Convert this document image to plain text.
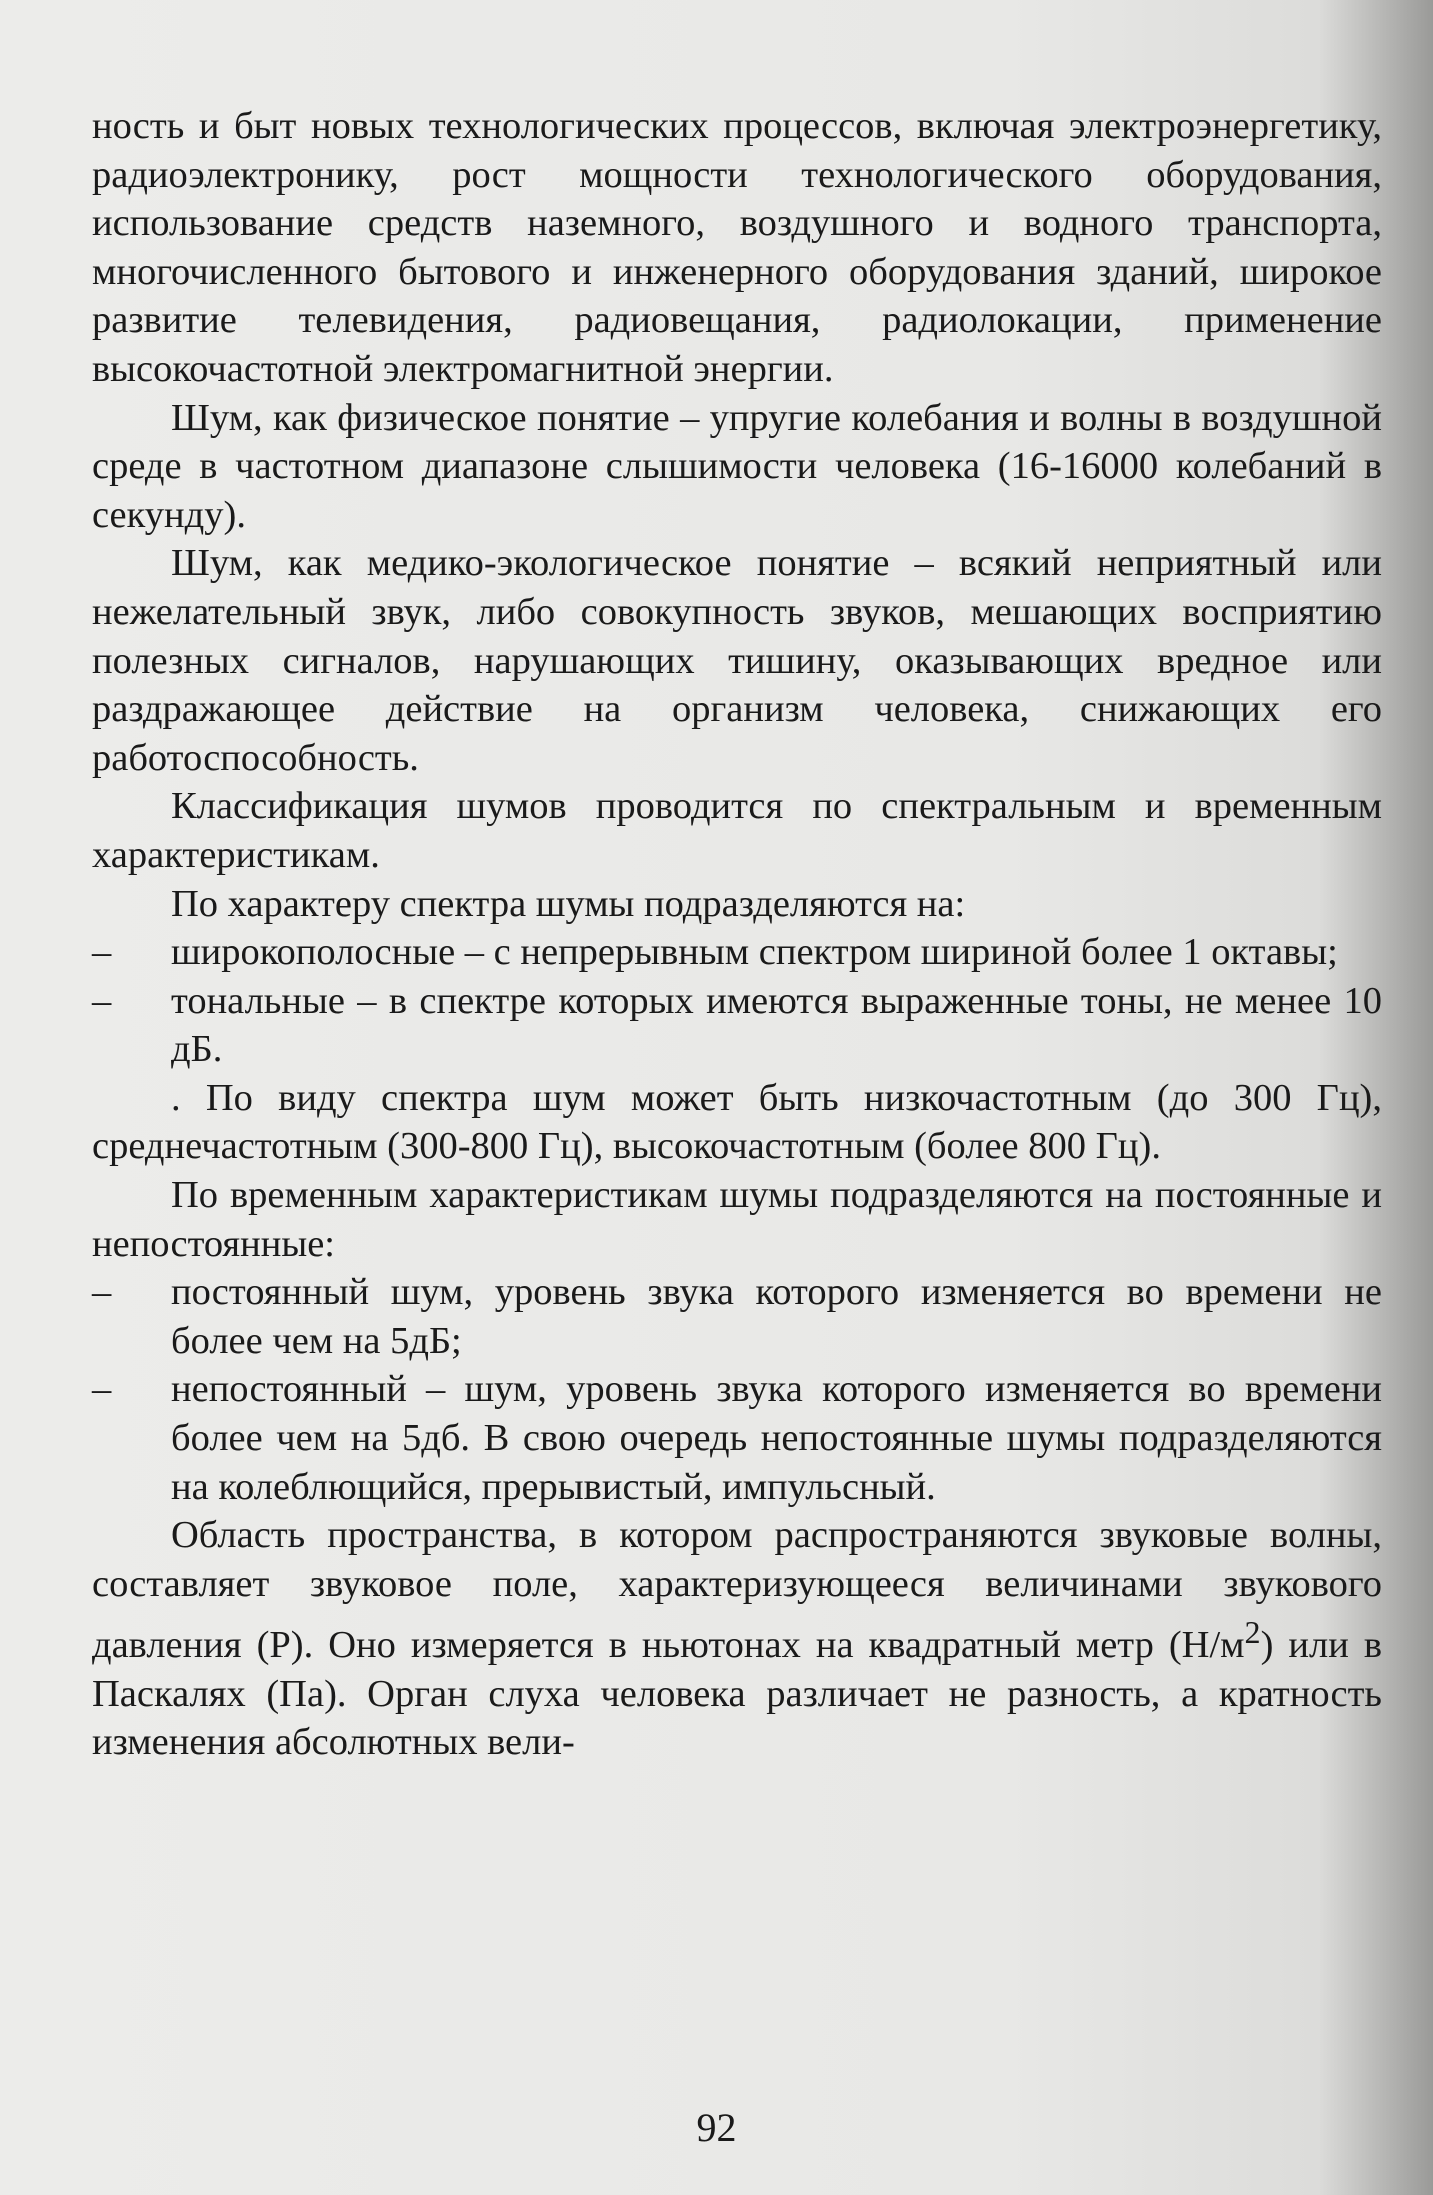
ность и быт новых технологических процессов, включая электроэнергетику, радиоэлектронику, рост мощности технологического оборудования, использование средств наземного, воздушного и водного транспорта, многочисленного бытового и инженерного оборудования зданий, широкое развитие телевидения, радиовещания, радиолокации, применение высокочастотной электромагнитной энергии.

Шум, как физическое понятие – упругие колебания и волны в воздушной среде в частотном диапазоне слышимости человека (16-16000 колебаний в секунду).

Шум, как медико-экологическое понятие – всякий неприятный или нежелательный звук, либо совокупность звуков, мешающих восприятию полезных сигналов, нарушающих тишину, оказывающих вредное или раздражающее действие на организм человека, снижающих его работоспособность.

Классификация шумов проводится по спектральным и временным характеристикам.

По характеру спектра шумы подразделяются на:

– широкополосные – с непрерывным спектром шириной более 1 октавы;
– тональные – в спектре которых имеются выраженные тоны, не менее 10 дБ.

. По виду спектра шум может быть низкочастотным (до 300 Гц), среднечастотным (300-800 Гц), высокочастотным (более 800 Гц).

По временным характеристикам шумы подразделяются на постоянные и непостоянные:

– постоянный шум, уровень звука которого изменяется во времени не более чем на 5дБ;
– непостоянный – шум, уровень звука которого изменяется во времени более чем на 5дб. В свою очередь непостоянные шумы подразделяются на колеблющийся, прерывистый, импульсный.

Область пространства, в котором распространяются звуковые волны, составляет звуковое поле, характеризующееся величинами звукового давления (Р). Оно измеряется в ньютонах на квадратный метр $(Н/м^2)$ или в Паскалях (Па). Орган слуха человека различает не разность, а кратность изменения абсолютных вели-

92
